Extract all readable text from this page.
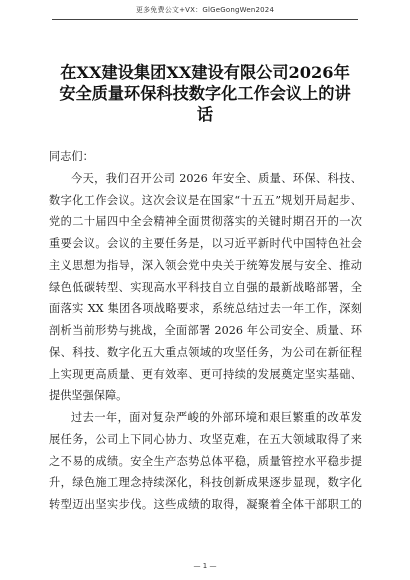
更多免费公文+VX：GlGeGongWen2024
在XX建设集团XX建设有限公司2026年
安全质量环保科技数字化工作会议上的讲
话
同志们：
今天，我们召开公司 2026 年安全、质量、环保、科技、
数字化工作会议。这次会议是在国家“十五五”规划开局起步、
党的二十届四中全会精神全面贯彻落实的关键时期召开的一次
重要会议。会议的主要任务是，以习近平新时代中国特色社会
主义思想为指导，深入领会党中央关于统筹发展与安全、推动
绿色低碳转型、实现高水平科技自立自强的最新战略部署，全
面落实 XX 集团各项战略要求，系统总结过去一年工作，深刻
剖析当前形势与挑战，全面部署 2026 年公司安全、质量、环
保、科技、数字化五大重点领域的攻坚任务，为公司在新征程
上实现更高质量、更有效率、更可持续的发展奠定坚实基础、
提供坚强保障。
过去一年，面对复杂严峻的外部环境和艰巨繁重的改革发
展任务，公司上下同心协力、攻坚克难，在五大领域取得了来
之不易的成绩。安全生产态势总体平稳，质量管控水平稳步提
升，绿色施工理念持续深化，科技创新成果逐步显现，数字化
转型迈出坚实步伐。这些成绩的取得，凝聚着全体干部职工的
— 1 —
